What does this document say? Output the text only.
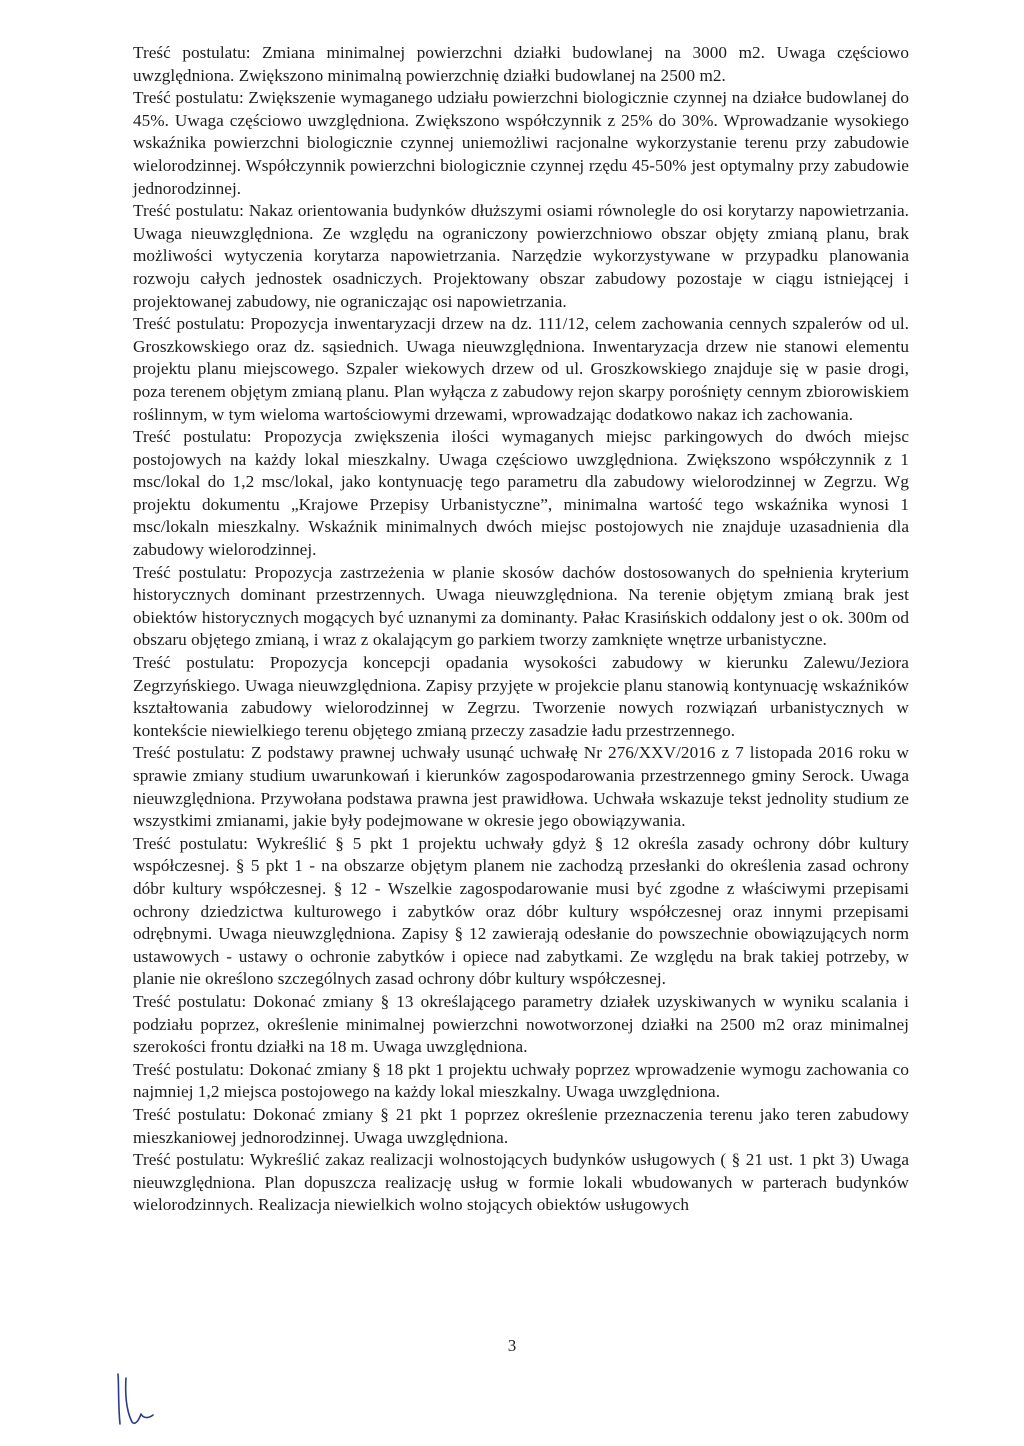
Treść postulatu: Zmiana minimalnej powierzchni działki budowlanej na 3000 m2. Uwaga częściowo uwzględniona. Zwiększono minimalną powierzchnię działki budowlanej na 2500 m2.

Treść postulatu: Zwiększenie wymaganego udziału powierzchni biologicznie czynnej na działce budowlanej do 45%. Uwaga częściowo uwzględniona. Zwiększono współczynnik z 25% do 30%. Wprowadzanie wysokiego wskaźnika powierzchni biologicznie czynnej uniemożliwi racjonalne wykorzystanie terenu przy zabudowie wielorodzinnej. Współczynnik powierzchni biologicznie czynnej rzędu 45-50% jest optymalny przy zabudowie jednorodzinnej.

Treść postulatu: Nakaz orientowania budynków dłuższymi osiami równolegle do osi korytarzy napowietrzania. Uwaga nieuwzględniona. Ze względu na ograniczony powierzchniowo obszar objęty zmianą planu, brak możliwości wytyczenia korytarza napowietrzania. Narzędzie wykorzystywane w przypadku planowania rozwoju całych jednostek osadniczych. Projektowany obszar zabudowy pozostaje w ciągu istniejącej i projektowanej zabudowy, nie ograniczając osi napowietrzania.

Treść postulatu: Propozycja inwentaryzacji drzew na dz. 111/12, celem zachowania cennych szpalerów od ul. Groszkowskiego oraz dz. sąsiednich. Uwaga nieuwzględniona. Inwentaryzacja drzew nie stanowi elementu projektu planu miejscowego. Szpaler wiekowych drzew od ul. Groszkowskiego znajduje się w pasie drogi, poza terenem objętym zmianą planu. Plan wyłącza z zabudowy rejon skarpy porośnięty cennym zbiorowiskiem roślinnym, w tym wieloma wartościowymi drzewami, wprowadzając dodatkowo nakaz ich zachowania.

Treść postulatu: Propozycja zwiększenia ilości wymaganych miejsc parkingowych do dwóch miejsc postojowych na każdy lokal mieszkalny. Uwaga częściowo uwzględniona. Zwiększono współczynnik z 1 msc/lokal do 1,2 msc/lokal, jako kontynuację tego parametru dla zabudowy wielorodzinnej w Zegrzu. Wg projektu dokumentu „Krajowe Przepisy Urbanistyczne”, minimalna wartość tego wskaźnika wynosi 1 msc/lokaln mieszkalny. Wskaźnik minimalnych dwóch miejsc postojowych nie znajduje uzasadnienia dla zabudowy wielorodzinnej.

Treść postulatu: Propozycja zastrzeżenia w planie skosów dachów dostosowanych do spełnienia kryterium historycznych dominant przestrzennych. Uwaga nieuwzględniona. Na terenie objętym zmianą brak jest obiektów historycznych mogących być uznanymi za dominanty. Pałac Krasińskich oddalony jest o ok. 300m od obszaru objętego zmianą, i wraz z okalającym go parkiem tworzy zamknięte wnętrze urbanistyczne.

Treść postulatu: Propozycja koncepcji opadania wysokości zabudowy w kierunku Zalewu/Jeziora Zegrzyńskiego. Uwaga nieuwzględniona. Zapisy przyjęte w projekcie planu stanowią kontynuację wskaźników kształtowania zabudowy wielorodzinnej w Zegrzu. Tworzenie nowych rozwiązań urbanistycznych w kontekście niewielkiego terenu objętego zmianą przeczy zasadzie ładu przestrzennego.

Treść postulatu: Z podstawy prawnej uchwały usunąć uchwałę Nr 276/XXV/2016 z 7 listopada 2016 roku w sprawie zmiany studium uwarunkowań i kierunków zagospodarowania przestrzennego gminy Serock. Uwaga nieuwzględniona. Przywołana podstawa prawna jest prawidłowa. Uchwała wskazuje tekst jednolity studium ze wszystkimi zmianami, jakie były podejmowane w okresie jego obowiązywania.

Treść postulatu: Wykreślić § 5 pkt 1 projektu uchwały gdyż § 12 określa zasady ochrony dóbr kultury współczesnej. § 5 pkt 1 - na obszarze objętym planem nie zachodzą przesłanki do określenia zasad ochrony dóbr kultury współczesnej. § 12 - Wszelkie zagospodarowanie musi być zgodne z właściwymi przepisami ochrony dziedzictwa kulturowego i zabytków oraz dóbr kultury współczesnej oraz innymi przepisami odrębnymi. Uwaga nieuwzględniona. Zapisy § 12 zawierają odesłanie do powszechnie obowiązujących norm ustawowych - ustawy o ochronie zabytków i opiece nad zabytkami. Ze względu na brak takiej potrzeby, w planie nie określono szczególnych zasad ochrony dóbr kultury współczesnej.

Treść postulatu: Dokonać zmiany § 13 określającego parametry działek uzyskiwanych w wyniku scalania i podziału poprzez, określenie minimalnej powierzchni nowotworzonej działki na 2500 m2 oraz minimalnej szerokości frontu działki na 18 m. Uwaga uwzględniona.

Treść postulatu: Dokonać zmiany § 18 pkt 1 projektu uchwały poprzez wprowadzenie wymogu zachowania co najmniej 1,2 miejsca postojowego na każdy lokal mieszkalny. Uwaga uwzględniona.

Treść postulatu: Dokonać zmiany § 21 pkt 1 poprzez określenie przeznaczenia terenu jako teren zabudowy mieszkaniowej jednorodzinnej. Uwaga uwzględniona.

Treść postulatu: Wykreślić zakaz realizacji wolnostojących budynków usługowych ( § 21 ust. 1 pkt 3) Uwaga nieuwzględniona. Plan dopuszcza realizację usług w formie lokali wbudowanych w parterach budynków wielorodzinnych. Realizacja niewielkich wolno stojących obiektów usługowych

3
